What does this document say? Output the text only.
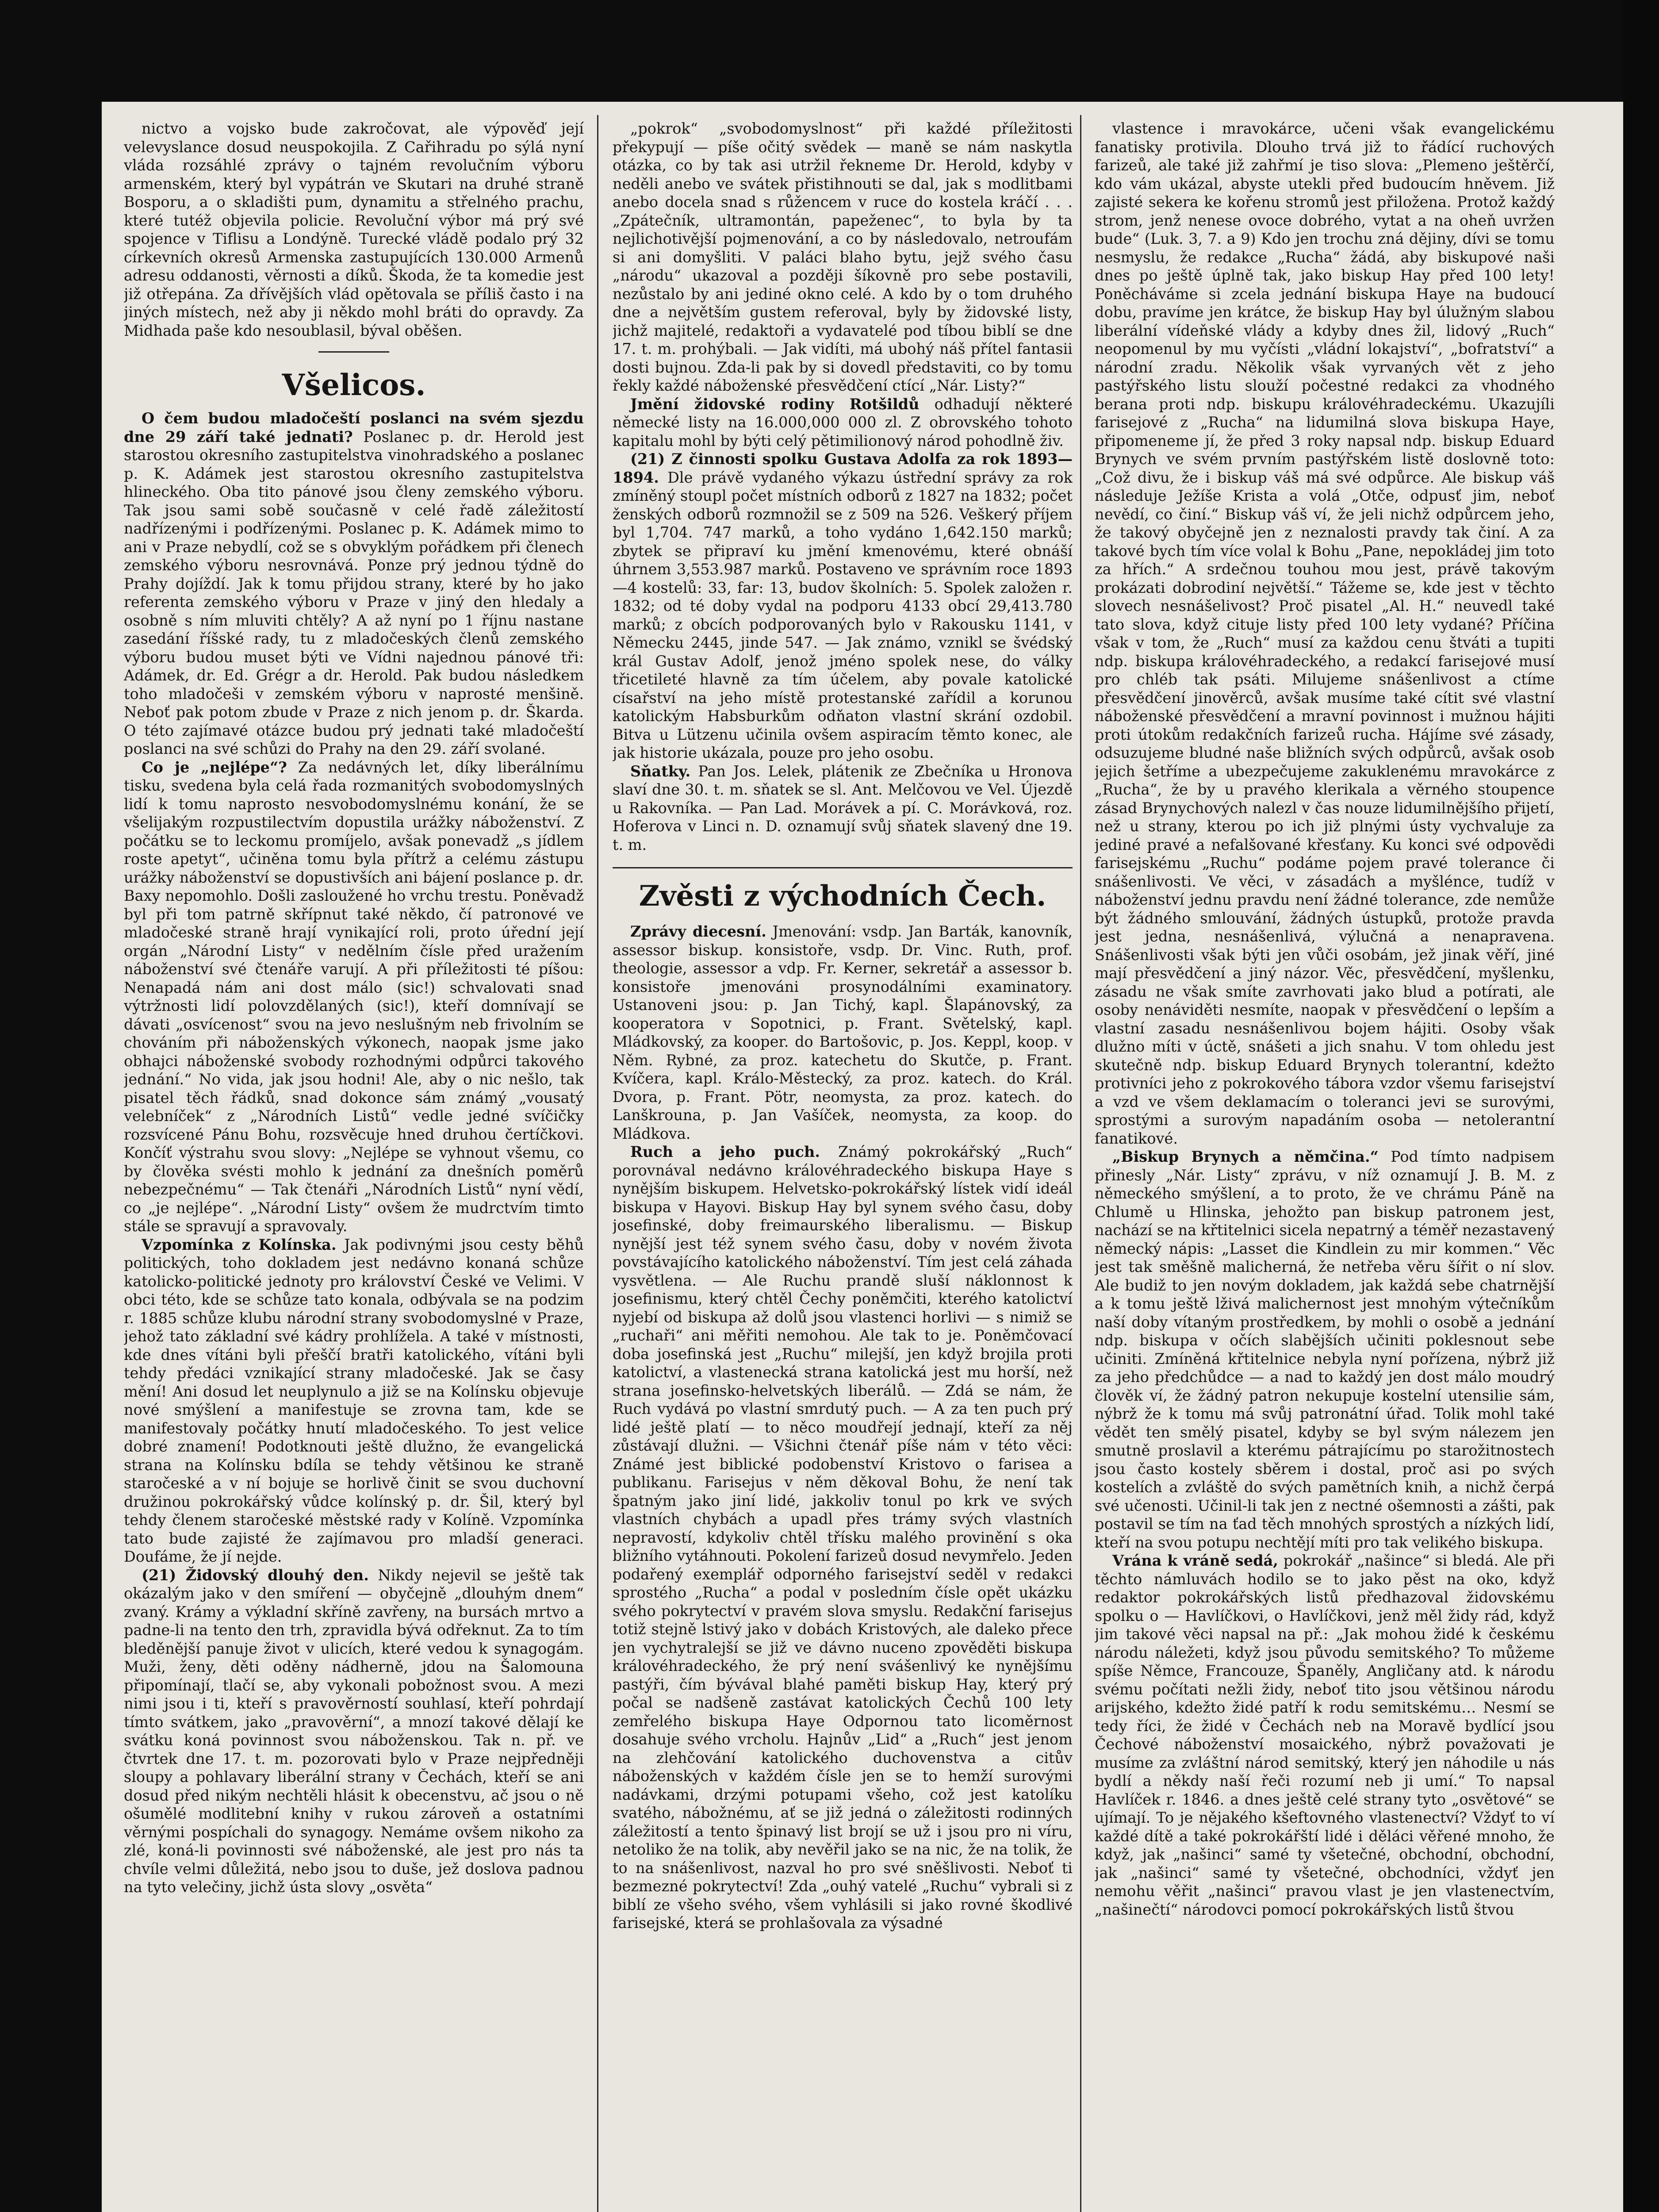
nictvo a vojsko bude zakročovat, ale výpověď její velevyslance dosud neuspokojila. Z Cařihradu po sýlá nyní vláda rozsáhlé zprávy o tajném revolučním výboru armenském, který byl vypátrán ve Skutari na druhé straně Bosporu, a o skladišti pum, dynamitu a střelného prachu, které tutéž objevila policie. Revoluční výbor má prý své spojence v Tiflisu a Londýně. Turecké vládě podalo prý 32 církevních okresů Armenska zastupujících 130.000 Armenů adresu oddanosti, věrnosti a díků. Škoda, že ta komedie jest již otřepána. Za dřívějších vlád opětovala se příliš často i na jiných místech, než aby ji někdo mohl bráti do opravdy. Za Midhada paše kdo nesoublasil, býval oběšen.

Všelicos.

O čem budou mladočeští poslanci na svém sjezdu dne 29 září také jednati? Poslanec p. dr. Herold jest starostou okresního zastupitelstva vinohradského a poslanec p. K. Adámek jest starostou okresního zastupitelstva hlineckého. Oba tito pánové jsou členy zemského výboru. Tak jsou sami sobě současně v celé řadě záležitostí nadřízenými i podřízenými. Poslanec p. K. Adámek mimo to ani v Praze nebydlí, což se s obvyklým pořádkem při členech zemského výboru nesrovnává. Ponze prý jednou týdně do Prahy dojíždí. Jak k tomu přijdou strany, které by ho jako referenta zemského výboru v Praze v jiný den hledaly a osobně s ním mluviti chtěly? A až nyní po 1 říjnu nastane zasedání říšské rady, tu z mladočeských členů zemského výboru budou muset býti ve Vídni najednou pánové tři: Adámek, dr. Ed. Grégr a dr. Herold. Pak budou následkem toho mladočeši v zemském výboru v naprosté menšině. Neboť pak potom zbude v Praze z nich jenom p. dr. Škarda. O této zajímavé otázce budou prý jednati také mladočeští poslanci na své schůzi do Prahy na den 29. září svolané.

Co je „nejlépe“? Za nedávných let, díky liberálnímu tisku, svedena byla celá řada rozmanitých svobodomyslných lidí k tomu naprosto nesvobodomyslnému konání, že se všelijakým rozpustilectvím dopustila urážky náboženství. Z počátku se to leckomu promíjelo, avšak ponevadž „s jídlem roste apetyt“, učiněna tomu byla přítrž a celému zástupu urážky náboženství se dopustivších ani bájení poslance p. dr. Baxy nepomohlo. Došli zasloužené ho vrchu trestu. Poněvadž byl při tom patrně skřípnut také někdo, čí patronové ve mladočeské straně hrají vynikající roli, proto úřední její orgán „Národní Listy“ v nedělním čísle před uražením náboženství své čtenáře varují. A při příležitosti té píšou: Nenapadá nám ani dost málo (sic!) schvalovati snad výtržnosti lidí polovzdělaných (sic!), kteří domnívají se dávati „osvícenost“ svou na jevo neslušným neb frivolním se chováním při náboženských výkonech, naopak jsme jako obhajci náboženské svobody rozhodnými odpůrci takového jednání.“ No vida, jak jsou hodni! Ale, aby o nic nešlo, tak pisatel těch řádků, snad dokonce sám známý „vousatý velebníček“ z „Národních Listů“ vedle jedné svíčičky rozsvícené Pánu Bohu, rozsvěcuje hned druhou čertíčkovi. Končíť výstrahu svou slovy: „Nejlépe se vyhnout všemu, co by člověka svésti mohlo k jednání za dnešních poměrů nebezpečnému“ — Tak čtenáři „Národních Listů“ nyní vědí, co „je nejlépe“. „Národní Listy“ ovšem že mudrctvím timto stále se spravují a spravovaly.

Vzpomínka z Kolínska. Jak podivnými jsou cesty běhů politických, toho dokladem jest nedávno konaná schůze katolicko-politické jednoty pro království České ve Velimi. V obci této, kde se schůze tato konala, odbývala se na podzim r. 1885 schůze klubu národní strany svobodomyslné v Praze, jehož tato základní své kádry prohlížela. A také v místnosti, kde dnes vítáni byli přeščí bratři katolického, vítáni byli tehdy předáci vznikající strany mladočeské. Jak se časy mění! Ani dosud let neuplynulo a již se na Kolínsku objevuje nové smýšlení a manifestuje se zrovna tam, kde se manifestovaly počátky hnutí mladočeského. To jest velice dobré znamení! Podotknouti ještě dlužno, že evangelická strana na Kolínsku bdíla se tehdy většinou ke straně staročeské a v ní bojuje se horlivě činit se svou duchovní družinou pokrokářský vůdce kolínský p. dr. Šil, který byl tehdy členem staročeské městské rady v Kolíně. Vzpomínka tato bude zajisté že zajímavou pro mladší generaci. Doufáme, že jí nejde.

(21) Židovský dlouhý den. Nikdy nejevil se ještě tak okázalým jako v den smíření — obyčejně „dlouhým dnem“ zvaný. Krámy a výkladní skříně zavřeny, na bursách mrtvo a padne-li na tento den trh, zpravidla bývá odřeknut. Za to tím bleděnější panuje život v ulicích, které vedou k synagogám. Muži, ženy, děti oděny nádherně, jdou na Šalomouna připomínají, tlačí se, aby vykonali pobožnost svou. A mezi nimi jsou i ti, kteří s pravověrností souhlasí, kteří pohrdají tímto svátkem, jako „pravověrní“, a mnozí takové dělají ke svátku koná povinnost svou náboženskou. Tak n. př. ve čtvrtek dne 17. t. m. pozorovati bylo v Praze nejpředněji sloupy a pohlavary liberální strany v Čechách, kteří se ani dosud před nikým nechtěli hlásit k obecenstvu, ač jsou o ně ošumělé modlitební knihy v rukou zároveň a ostatními věrnými pospíchali do synagogy. Nemáme ovšem nikoho za zlé, koná-li povinnosti své náboženské, ale jest pro nás ta chvíle velmi důležitá, nebo jsou to duše, jež doslova padnou na tyto velečiny, jichž ústa slovy „osvěta“

„pokrok“ „svobodomyslnost“ při každé příležitosti překypují — píše očitý svědek — maně se nám naskytla otázka, co by tak asi utržil řekneme Dr. Herold, kdyby v neděli anebo ve svátek přistihnouti se dal, jak s modlitbami anebo docela snad s růžencem v ruce do kostela kráčí . . . „Zpátečník, ultramontán, papeženec“, to byla by ta nejlichotivější pojmenování, a co by následovalo, netroufám si ani domyšliti. V paláci blaho bytu, jejž svého času „národu“ ukazoval a později šíkovně pro sebe postavili, nezůstalo by ani jediné okno celé. A kdo by o tom druhého dne a největším gustem referoval, byly by židovské listy, jichž majitelé, redaktoři a vydavatelé pod tíbou biblí se dne 17. t. m. prohýbali. — Jak vidíti, má ubohý náš přítel fantasii dosti bujnou. Zda-li pak by si dovedl představiti, co by tomu řekly každé náboženské přesvědčení ctící „Nár. Listy?“

Jmění židovské rodiny Rotšildů odhadují některé německé listy na 16.000,000 000 zl. Z obrovského tohoto kapitalu mohl by býti celý pětimilionový národ pohodlně živ.

(21) Z činnosti spolku Gustava Adolfa za rok 1893—1894. Dle právě vydaného výkazu ústřední správy za rok zmíněný stoupl počet místních odborů z 1827 na 1832; počet ženských odborů rozmnožil se z 509 na 526. Veškerý příjem byl 1,704. 747 marků, a toho vydáno 1,642.150 marků; zbytek se připraví ku jmění kmenovému, které obnáší úhrnem 3,553.987 marků. Postaveno ve správním roce 1893 —4 kostelů: 33, far: 13, budov školních: 5. Spolek založen r. 1832; od té doby vydal na podporu 4133 obcí 29,413.780 marků; z obcích podporovaných bylo v Rakousku 1141, v Německu 2445, jinde 547. — Jak známo, vznikl se švédský král Gustav Adolf, jenož jméno spolek nese, do války třicetileté hlavně za tím účelem, aby povale katolické císařství na jeho místě protestanské zařídil a korunou katolickým Habsburkům odňaton vlastní skrání ozdobil. Bitva u Lützenu učinila ovšem aspiracím těmto konec, ale jak historie ukázala, pouze pro jeho osobu.

Sňatky. Pan Jos. Lelek, plátenik ze Zbečníka u Hronova slaví dne 30. t. m. sňatek se sl. Ant. Melčovou ve Vel. Újezdě u Rakovníka. — Pan Lad. Morávek a pí. C. Morávková, roz. Hoferova v Linci n. D. oznamují svůj sňatek slavený dne 19. t. m.

Zvěsti z východních Čech.

Zprávy diecesní. Jmenování: vsdp. Jan Barták, kanovník, assessor biskup. konsistoře, vsdp. Dr. Vinc. Ruth, prof. theologie, assessor a vdp. Fr. Kerner, sekretář a assessor b. konsistoře jmenováni prosynodálními examinatory. Ustanoveni jsou: p. Jan Tichý, kapl. Šlapánovský, za kooperatora v Sopotnici, p. Frant. Světelský, kapl. Mládkovský, za kooper. do Bartošovic, p. Jos. Keppl, koop. v Něm. Rybné, za proz. katechetu do Skutče, p. Frant. Kvíčera, kapl. Králo-Městecký, za proz. katech. do Král. Dvora, p. Frant. Pötr, neomysta, za proz. katech. do Lanškrouna, p. Jan Vašíček, neomysta, za koop. do Mládkova.

Ruch a jeho puch. Známý pokrokářský „Ruch“ porovnával nedávno královéhradeckého biskupa Haye s nynějším biskupem. Helvetsko-pokrokářský lístek vidí ideál biskupa v Hayovi. Biskup Hay byl synem svého času, doby josefinské, doby freimaurského liberalismu. — Biskup nynější jest též synem svého času, doby v novém života povstávajícího katolického náboženství. Tím jest celá záhada vysvětlena. — Ale Ruchu prandě sluší náklonnost k josefinismu, který chtěl Čechy poněmčiti, kterého katolictví nyjebí od biskupa až dolů jsou vlastenci horlivi — s nimiž se „ruchaři“ ani měřiti nemohou. Ale tak to je. Poněmčovací doba josefinská jest „Ruchu“ milejší, jen když brojila proti katolictví, a vlastenecká strana katolická jest mu horší, než strana josefinsko-helvetských liberálů. — Zdá se nám, že Ruch vydává po vlastní smrdutý puch. — A za ten puch prý lidé ještě platí — to něco moudřejí jednají, kteří za něj zůstávají dlužni. — Všichni čtenář píše nám v této věci: Známé jest biblické podobenství Kristovo o farisea a publikanu. Farisejus v něm děkoval Bohu, že není tak špatným jako jiní lidé, jakkoliv tonul po krk ve svých vlastních chybách a upadl přes trámy svých vlastních nepravostí, kdykoliv chtěl třísku malého provinění s oka bližního vytáhnouti. Pokolení farizeů dosud nevymřelo. Jeden podařený exemplář odporného farisejství seděl v redakci sprostého „Rucha“ a podal v posledním čísle opět ukázku svého pokrytectví v pravém slova smyslu. Redakční farisejus totiž stejně lstivý jako v dobách Kristových, ale daleko přece jen vychytralejší se již ve dávno nuceno zpověděti biskupa královéhradeckého, že prý není svášenlivý ke nynějšímu pastýři, čím bývával blahé paměti biskup Hay, který prý počal se nadšeně zastávat katolických Čechů 100 lety zemřelého biskupa Haye Odpornou tato licoměrnost dosahuje svého vrcholu. Hajnův „Lid“ a „Ruch“ jest jenom na zlehčování katolického duchovenstva a citův náboženských v každém čísle jen se to hemží surovými nadávkami, drzými potupami všeho, což jest katolíku svatého, nábožnému, ať se již jedná o záležitosti rodinných záležitostí a tento špinavý list brojí se už i jsou pro ni víru, netoliko že na tolik, aby nevěřil jako se na nic, že na tolik, že to na snášenlivost, nazval ho pro své sněšlivosti. Neboť ti bezmezné pokrytectví! Zda „ouhý vatelé „Ruchu“ vybrali si z biblí ze všeho svého, všem vyhlásili si jako rovné škodlivé farisejské, která se prohlašovala za výsadné

vlastence i mravokárce, učeni však evangelickému fanatisky protivila. Dlouho trvá již to řádící ruchových farizeů, ale také již zahřmí je tiso slova: „Plemeno ještěrčí, kdo vám ukázal, abyste utekli před budoucím hněvem. Již zajisté sekera ke kořenu stromů jest přiložena. Protož každý strom, jenž nenese ovoce dobrého, vytat a na oheň uvržen bude“ (Luk. 3, 7. a 9) Kdo jen trochu zná dějiny, dívi se tomu nesmyslu, že redakce „Rucha“ žádá, aby biskupové naši dnes po ještě úplně tak, jako biskup Hay před 100 lety! Poněcháváme si zcela jednání biskupa Haye na budoucí dobu, pravíme jen krátce, že biskup Hay byl úlužným slabou liberální vídeňské vlády a kdyby dnes žil, lidový „Ruch“ neopomenul by mu vyčísti „vládní lokajství“, „bofratství“ a národní zradu. Několik však vyrvaných vět z jeho pastýřského listu slouží počestné redakci za vhodného berana proti ndp. biskupu královéhradeckému. Ukazujíli farisejové z „Rucha“ na lidumilná slova biskupa Haye, připomeneme jí, že před 3 roky napsal ndp. biskup Eduard Brynych ve svém prvním pastýřském listě doslovně toto: „Což divu, že i biskup váš má své odpůrce. Ale biskup váš následuje Ježíše Krista a volá „Otče, odpusť jim, neboť nevědí, co činí.“ Biskup váš ví, že jeli nichž odpůrcem jeho, že takový obyčejně jen z neznalosti pravdy tak činí. A za takové bych tím více volal k Bohu „Pane, nepokládej jim toto za hřích.“ A srdečnou touhou mou jest, právě takovým prokázati dobrodiní největší.“ Tážeme se, kde jest v těchto slovech nesnášelivost? Proč pisatel „Al. H.“ neuvedl také tato slova, když cituje listy před 100 lety vydané? Příčina však v tom, že „Ruch“ musí za každou cenu štváti a tupiti ndp. biskupa královéhradeckého, a redakcí farisejové musí pro chléb tak psáti. Milujeme snášenlivost a ctíme přesvědčení jinověrců, avšak musíme také cítit své vlastní náboženské přesvědčení a mravní povinnost i mužnou hájiti proti útokům redakčních farizeů rucha. Hájíme své zásady, odsuzujeme bludné naše bližních svých odpůrců, avšak osob jejich šetříme a ubezpečujeme zakuklenému mravokárce z „Rucha“, že by u pravého klerikala a věrného stoupence zásad Brynychových nalezl v čas nouze lidumilnějšího přijetí, než u strany, kterou po ich již plnými ústy vychvaluje za jediné pravé a nefalšované křesťany. Ku konci své odpovědi farisejskému „Ruchu“ podáme pojem pravé tolerance či snášenlivosti. Ve věci, v zásadách a myšlénce, tudíž v náboženství jednu pravdu není žádné tolerance, zde nemůže být žádného smlouvání, žádných ústupků, protože pravda jest jedna, nesnášenlivá, výlučná a nenapravena. Snášenlivosti však býti jen vůči osobám, jež jinak věří, jiné mají přesvědčení a jiný názor. Věc, přesvědčení, myšlenku, zásadu ne však smíte zavrhovati jako blud a potírati, ale osoby nenáviděti nesmíte, naopak v přesvědčení o lepším a vlastní zasadu nesnášenlivou bojem hájiti. Osoby však dlužno míti v úctě, snášeti a jich snahu. V tom ohledu jest skutečně ndp. biskup Eduard Brynych tolerantní, kdežto protivníci jeho z pokrokového tábora vzdor všemu farisejství a vzd ve všem deklamacím o toleranci jevi se surovými, sprostými a surovým napadáním osoba — netolerantní fanatikové.

„Biskup Brynych a němčina.“ Pod tímto nadpisem přinesly „Nár. Listy“ zprávu, v níž oznamují J. B. M. z německého smýšlení, a to proto, že ve chrámu Páně na Chlumě u Hlinska, jehožto pan biskup patronem jest, nachází se na křtitelnici sicela nepatrný a téměř nezastavený německý nápis: „Lasset die Kindlein zu mir kommen.“ Věc jest tak směšně malicherná, že netřeba věru šířit o ní slov. Ale budiž to jen novým dokladem, jak každá sebe chatrnější a k tomu ještě lživá malichernost jest mnohým výtečníkům naší doby vítaným prostředkem, by mohli o osobě a jednání ndp. biskupa v očích slabějších učiniti poklesnout sebe učiniti. Zmíněná křtitelnice nebyla nyní pořízena, nýbrž již za jeho předchůdce — a nad to každý jen dost málo moudrý člověk ví, že žádný patron nekupuje kostelní utensilie sám, nýbrž že k tomu má svůj patronátní úřad. Tolik mohl také vědět ten smělý pisatel, kdyby se byl svým nálezem jen smutně proslavil a kterému pátrajícímu po starožitnostech jsou často kostely sběrem i dostal, proč asi po svých kostelích a zvláště do svých pamětních knih, a nichž čerpá své učenosti. Učinil-li tak jen z nectné ošemnosti a zášti, pak postavil se tím na ťad těch mnohých sprostých a nízkých lidí, kteří na svou potupu nechtějí míti pro tak velikého biskupa.

Vrána k vráně sedá, pokrokář „našince“ si bledá. Ale při těchto námluvách hodilo se to jako pěst na oko, když redaktor pokrokářských listů předhazoval židovskému spolku o — Havlíčkovi, o Havlíčkovi, jenž měl židy rád, když jim takové věci napsal na př.: „Jak mohou židé k českému národu náležeti, když jsou původu semitského? To můžeme spíše Němce, Francouze, Španěly, Angličany atd. k národu svému počítati nežli židy, neboť tito jsou většinou národu arijského, kdežto židé patří k rodu semitskému… Nesmí se tedy říci, že židé v Čechách neb na Moravě bydlící jsou Čechové náboženství mosaického, nýbrž považovati je musíme za zvláštní národ semitský, který jen náhodile u nás bydlí a někdy naší řeči rozumí neb ji umí.“ To napsal Havlíček r. 1846. a dnes ještě celé strany tyto „osvětové“ se ujímají. To je nějakého kšeftovného vlastenectví? Vždyť to ví každé dítě a také pokrokářští lidé i děláci věřené mnoho, že když, jak „našinci“ samé ty všetečné, obchodní, obchodní, jak „našinci“ samé ty všetečné, obchodníci, vždyť jen nemohu věřit „našinci“ pravou vlast je jen vlastenectvím, „našinečtí“ národovci pomocí pokrokářských listů štvou
